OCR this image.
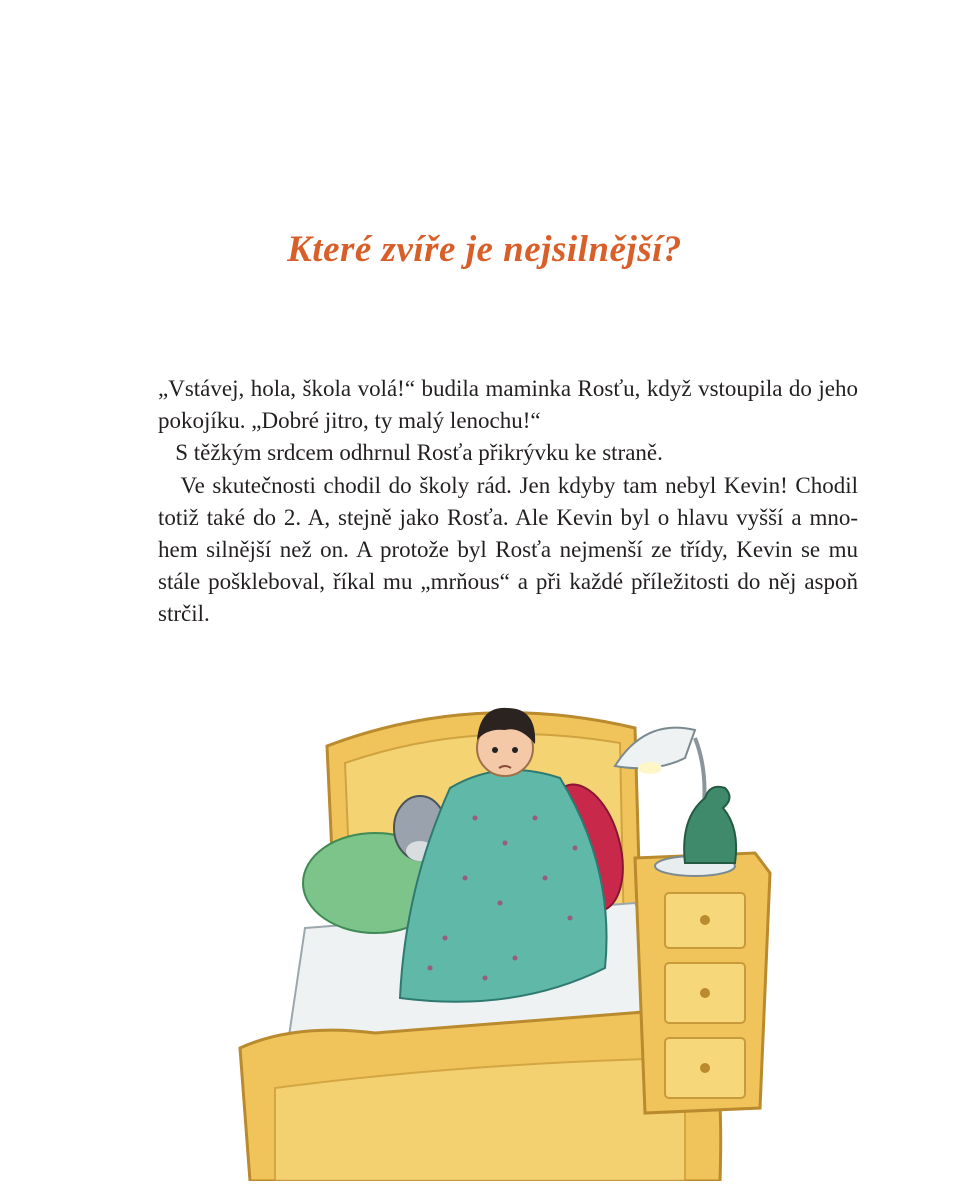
Které zvíře je nejsilnější?
„Vstávej, hola, škola volá!“ budila maminka Rosťu, když vstoupila do jeho
pokojíku. „Dobré jitro, ty malý lenochu!“
S těžkým srdcem odhrnul Rosťa přikrývku ke straně.
Ve skutečnosti chodil do školy rád. Jen kdyby tam nebyl Kevin! Chodil
totiž také do 2. A, stejně jako Rosťa. Ale Kevin byl o hlavu vyšší a mno-
hem silnější než on. A protože byl Rosťa nejmenší ze třídy, Kevin se mu
stále poškleboval, říkal mu „mrňous“ a při každé příležitosti do něj aspoň
strčil.
